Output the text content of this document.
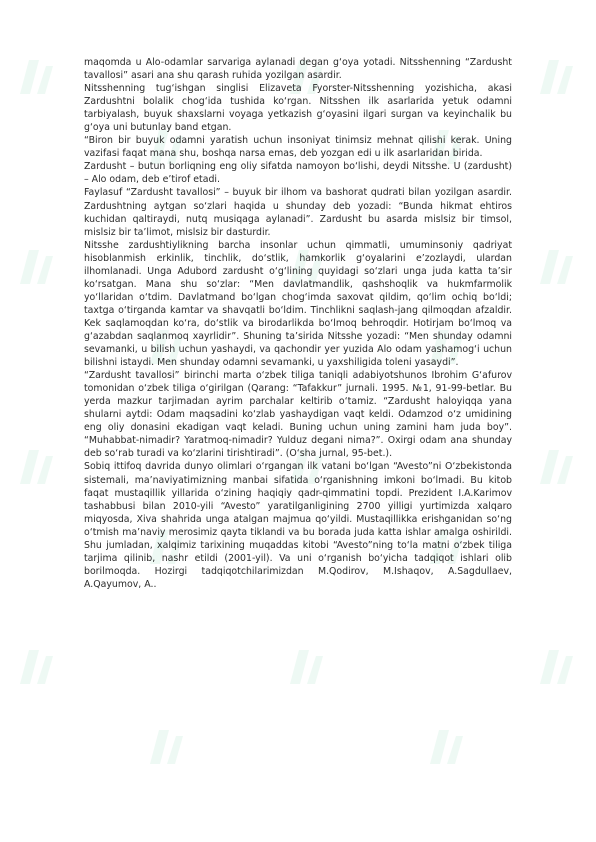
maqomda u Alo-odamlar sarvariga aylanadi degan g‘oya yotadi. Nitsshenning “Zardusht tavallosi” asari ana shu qarash ruhida yozilgan asardir.

Nitsshenning tug‘ishgan singlisi Elizaveta Fyorster-Nitsshenning yozishicha, akasi Zardushtni bolalik chog‘ida tushida ko‘rgan. Nitsshen ilk asarlarida yetuk odamni tarbiyalash, buyuk shaxslarni voyaga yetkazish g‘oyasini ilgari surgan va keyinchalik bu g‘oya uni butunlay band etgan.

“Biron bir buyuk odamni yaratish uchun insoniyat tinimsiz mehnat qilishi kerak. Uning vazifasi faqat mana shu, boshqa narsa emas, deb yozgan edi u ilk asarlaridan birida.

Zardusht – butun borliqning eng oliy sifatda namoyon bo‘lishi, deydi Nitsshe. U (zardusht) – Alo odam, deb e’tirof etadi.

Faylasuf “Zardusht tavallosi” – buyuk bir ilhom va bashorat qudrati bilan yozilgan asardir. Zardushtning aytgan so‘zlari haqida u shunday deb yozadi: “Bunda hikmat ehtiros kuchidan qaltiraydi, nutq musiqaga aylanadi”. Zardusht bu asarda mislsiz bir timsol, mislsiz bir ta’limot, mislsiz bir dasturdir.

Nitsshe zardushtiylikning barcha insonlar uchun qimmatli, umuminsoniy qadriyat hisoblanmish erkinlik, tinchlik, do‘stlik, hamkorlik g‘oyalarini e’zozlaydi, ulardan ilhomlanadi. Unga Adubord zardusht o‘g‘lining quyidagi so‘zlari unga juda katta ta’sir ko‘rsatgan. Mana shu so‘zlar: “Men davlatmandlik, qashshoqlik va hukmfarmolik yo‘llaridan o‘tdim. Davlatmand bo‘lgan chog‘imda saxovat qildim, qo‘lim ochiq bo‘ldi; taxtga o‘tirganda kamtar va shavqatli bo‘ldim. Tinchlikni saqlash-jang qilmoqdan afzaldir. Kek saqlamoqdan ko‘ra, do‘stlik va birodarlikda bo‘lmoq behroqdir. Hotirjam bo‘lmoq va g‘azabdan saqlanmoq xayrlidir”. Shuning ta’sirida Nitsshe yozadi: “Men shunday odamni sevamanki, u bilish uchun yashaydi, va qachondir yer yuzida Alo odam yashamog‘i uchun bilishni istaydi. Men shunday odamni sevamanki, u yaxshiligida toleni yasaydi”.

“Zardusht tavallosi” birinchi marta o‘zbek tiliga taniqli adabiyotshunos Ibrohim G‘afurov tomonidan o‘zbek tiliga o‘girilgan (Qarang: “Tafakkur” jurnali. 1995. №1, 91-99-betlar. Bu yerda mazkur tarjimadan ayrim parchalar keltirib o‘tamiz. “Zardusht haloyiqqa yana shularni aytdi: Odam maqsadini ko‘zlab yashaydigan vaqt keldi. Odamzod o‘z umidining eng oliy donasini ekadigan vaqt keladi. Buning uchun uning zamini ham juda boy”. “Muhabbat-nimadir? Yaratmoq-nimadir? Yulduz degani nima?”. Oxirgi odam ana shunday deb so‘rab turadi va ko‘zlarini tirishtiradi”. (O‘sha jurnal, 95-bet.).

Sobiq ittifoq davrida dunyo olimlari o‘rgangan ilk vatani bo‘lgan “Avesto”ni O‘zbekistonda sistemali, ma’naviyatimizning manbai sifatida o‘rganishning imkoni bo‘lmadi. Bu kitob faqat mustaqillik yillarida o‘zining haqiqiy qadr-qimmatini topdi. Prezident I.A.Karimov tashabbusi bilan 2010-yili “Avesto” yaratilganligining 2700 yilligi yurtimizda xalqaro miqyosda, Xiva shahrida unga atalgan majmua qo‘yildi. Mustaqillikka erishganidan so‘ng o‘tmish ma’naviy merosimiz qayta tiklandi va bu borada juda katta ishlar amalga oshirildi. Shu jumladan, xalqimiz tarixining muqaddas kitobi “Avesto”ning to‘la matni o‘zbek tiliga tarjima qilinib, nashr etildi (2001-yil). Va uni o‘rganish bo‘yicha tadqiqot ishlari olib borilmoqda. Hozirgi tadqiqotchilarimizdan M.Qodirov, M.Ishaqov, A.Sagdullaev, A.Qayumov, A..
